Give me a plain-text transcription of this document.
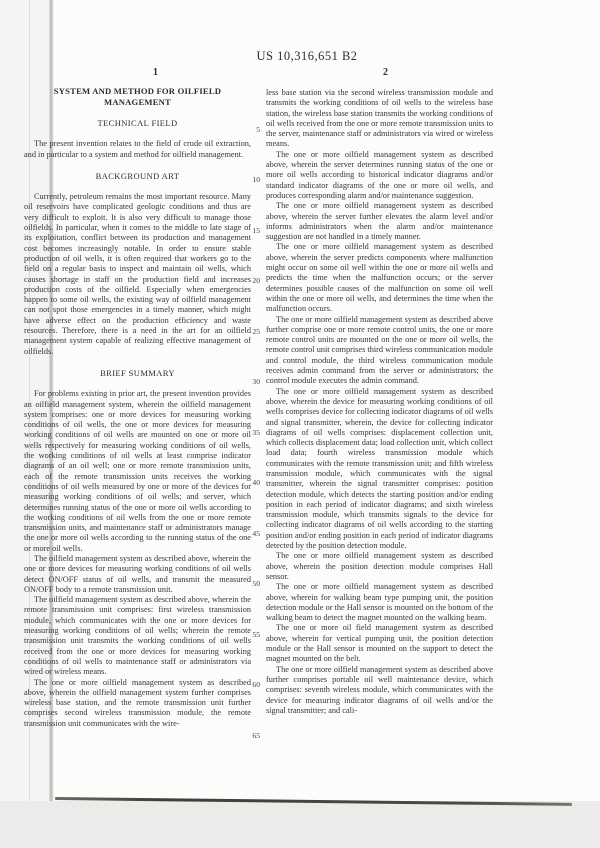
US 10,316,651 B2
1	2
SYSTEM AND METHOD FOR OILFIELD MANAGEMENT
TECHNICAL FIELD

The present invention relates to the field of crude oil extraction, and in particular to a system and method for oilfield management.

BACKGROUND ART

Currently, petroleum remains the most important resource. Many oil reservoirs have complicated geologic conditions and thus are very difficult to exploit. It is also very difficult to manage those oilfields. In particular, when it comes to the middle to late stage of its exploitation, conflict between its production and management cost becomes increasingly notable. In order to ensure stable production of oil wells, it is often required that workers go to the field on a regular basis to inspect and maintain oil wells, which causes shortage in staff on the production field and increases production costs of the oilfield. Especially when emergencies happen to some oil wells, the existing way of oilfield management can not spot those emergencies in a timely manner, which might have adverse effect on the production efficiency and waste resources. Therefore, there is a need in the art for an oilfield management system capable of realizing effective management of oilfields.

BRIEF SUMMARY

For problems existing in prior art, the present invention provides an oilfield management system, wherein the oilfield management system comprises: one or more devices for measuring working conditions of oil wells, the one or more devices for measuring working conditions of oil wells are mounted on one or more oil wells respectively for measuring working conditions of oil wells, the working conditions of oil wells at least comprise indicator diagrams of an oil well; one or more remote transmission units, each of the remote transmission units receives the working conditions of oil wells measured by one or more of the devices for measuring working conditions of oil wells; and server, which determines running status of the one or more oil wells according to the working conditions of oil wells from the one or more remote transmission units, and maintenance staff or administrators manage the one or more oil wells according to the running status of the one or more oil wells.

The oilfield management system as described above, wherein the one or more devices for measuring working conditions of oil wells detect ON/OFF status of oil wells, and transmit the measured ON/OFF body to a remote transmission unit.

The oilfield management system as described above, wherein the remote transmission unit comprises: first wireless transmission module, which communicates with the one or more devices for measuring working conditions of oil wells; wherein the remote transmission unit transmits the working conditions of oil wells received from the one or more devices for measuring working conditions of oil wells to maintenance staff or administrators via wired or wireless means.

The one or more oilfield management system as described above, wherein the oilfield management system further comprises wireless base station, and the remote transmission unit further comprises second wireless transmission module, the remote transmission unit communicates with the wire-

5
10
15
20
25
30
35
40
45
50
55
60
65

less base station via the second wireless transmission module and transmits the working conditions of oil wells to the wireless base station, the wireless base station transmits the working conditions of oil wells received from the one or more remote transmission units to the server, maintenance staff or administrators via wired or wireless means.

The one or more oilfield management system as described above, wherein the server determines running status of the one or more oil wells according to historical indicator diagrams and/or standard indicator diagrams of the one or more oil wells, and produces corresponding alarm and/or maintenance suggestion.

The one or more oilfield management system as described above, wherein the server further elevates the alarm level and/or informs administrators when the alarm and/or maintenance suggestion are not handled in a timely manner.

The one or more oilfield management system as described above, wherein the server predicts components where malfunction might occur on some oil well within the one or more oil wells and predicts the time when the malfunction occurs; or the server determines possible causes of the malfunction on some oil well within the one or more oil wells, and determines the time when the malfunction occurs.

The one or more oilfield management system as described above further comprise one or more remote control units, the one or more remote control units are mounted on the one or more oil wells, the remote control unit comprises third wireless communication module and control module, the third wireless communication module receives admin command from the server or administrators; the control module executes the admin command.

The one or more oilfield management system as described above, wherein the device for measuring working conditions of oil wells comprises device for collecting indicator diagrams of oil wells and signal transmitter, wherein, the device for collecting indicator diagrams of oil wells comprises: displacement collection unit, which collects displacement data; load collection unit, which collect load data; fourth wireless transmission module which communicates with the remote transmission unit; and fifth wireless transmission module, which communicates with the signal transmitter, wherein the signal transmitter comprises: position detection module, which detects the starting position and/or ending position in each period of indicator diagrams; and sixth wireless transmission module, which transmits signals to the device for collecting indicator diagrams of oil wells according to the starting position and/or ending position in each period of indicator diagrams detected by the position detection module.

The one or more oilfield management system as described above, wherein the position detection module comprises Hall sensor.

The one or more oilfield management system as described above, wherein for walking beam type pumping unit, the position detection module or the Hall sensor is mounted on the bottom of the walking beam to detect the magnet mounted on the walking beam.

The one or more oil field management system as described above, wherein for vertical pumping unit, the position detection module or the Hall sensor is mounted on the support to detect the magnet mounted on the belt.

The one or more oilfield management system as described above further comprises portable oil well maintenance device, which comprises: seventh wireless module, which communicates with the device for measuring indicator diagrams of oil wells and/or the signal transmitter; and cali-
